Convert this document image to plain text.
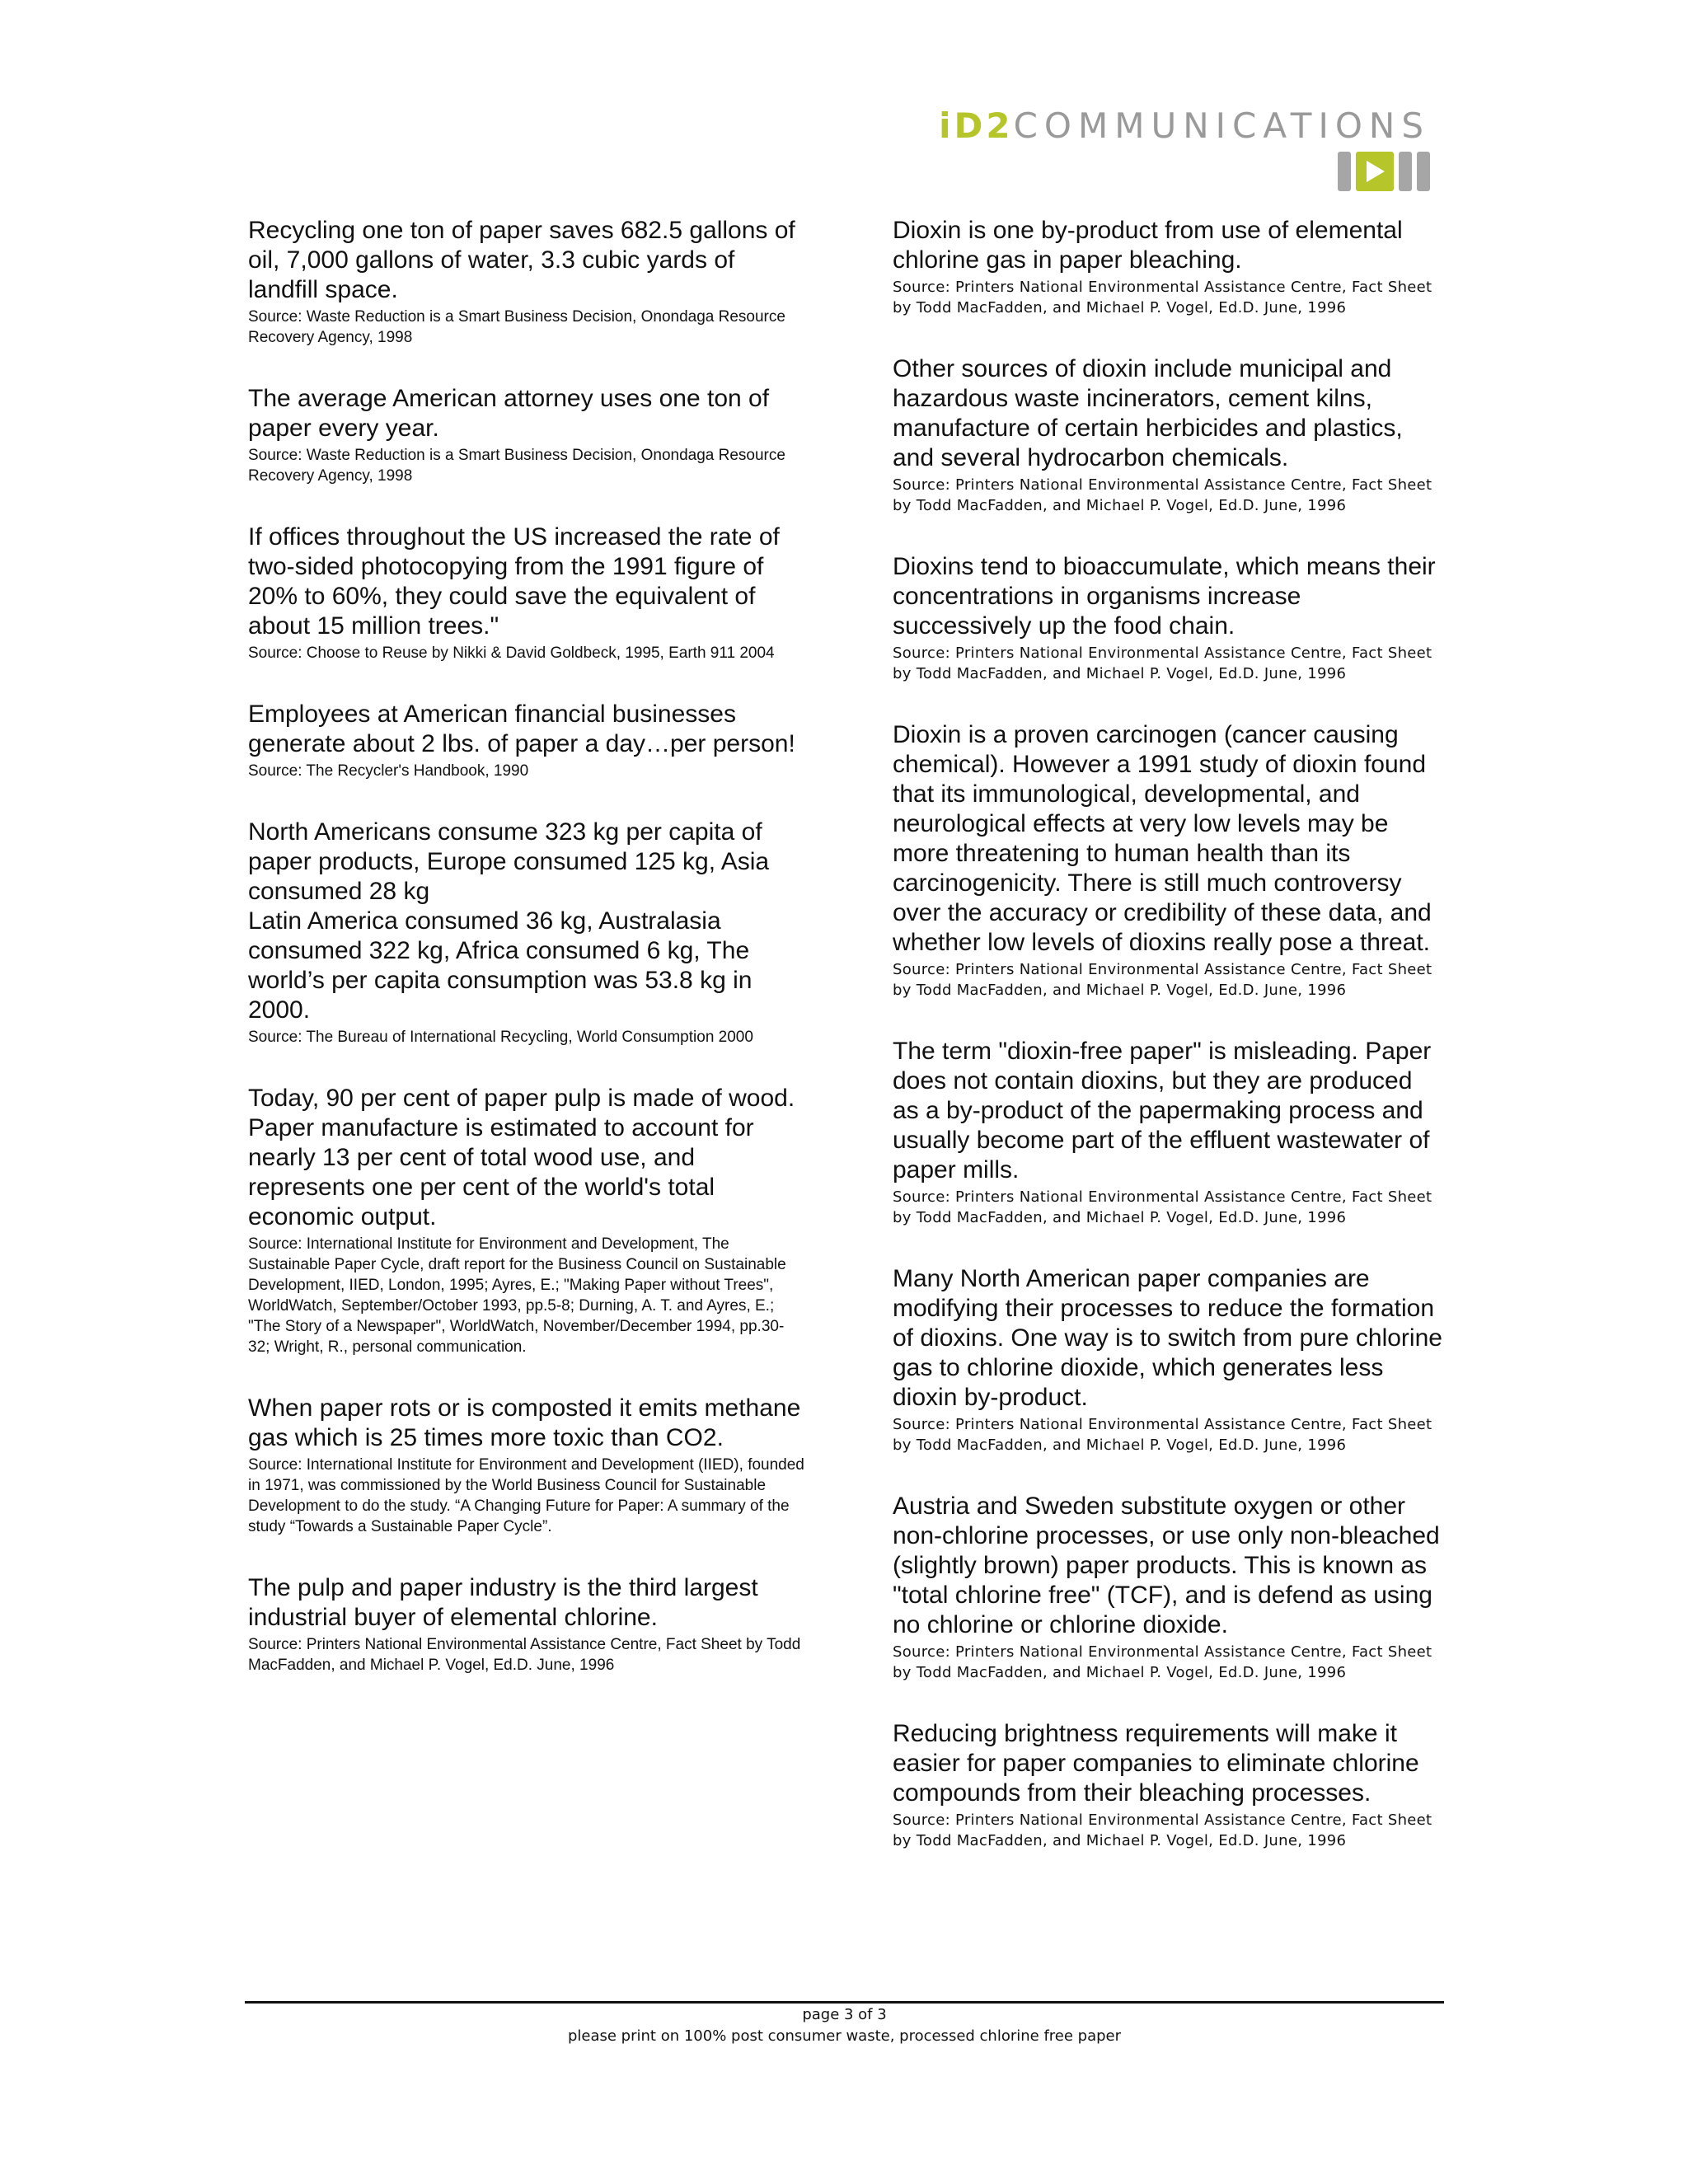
iD2COMMUNICATIONS

Recycling one ton of paper saves 682.5 gallons of oil, 7,000 gallons of water, 3.3 cubic yards of landfill space.

Source: Waste Reduction is a Smart Business Decision, Onondaga Resource Recovery Agency, 1998

The average American attorney uses one ton of paper every year.

Source: Waste Reduction is a Smart Business Decision, Onondaga Resource Recovery Agency, 1998

If offices throughout the US increased the rate of two-sided photocopying from the 1991 figure of 20% to 60%, they could save the equivalent of about 15 million trees."

Source: Choose to Reuse by Nikki & David Goldbeck, 1995, Earth 911 2004

Employees at American financial businesses generate about 2 lbs. of paper a day…per person!

Source: The Recycler's Handbook, 1990

North Americans consume 323 kg per capita of paper products, Europe consumed 125 kg, Asia consumed 28 kg
Latin America consumed 36 kg, Australasia consumed 322 kg, Africa consumed 6 kg, The world’s per capita consumption was 53.8 kg in 2000.

Source: The Bureau of International Recycling, World Consumption 2000

Today, 90 per cent of paper pulp is made of wood. Paper manufacture is estimated to account for nearly 13 per cent of total wood use, and represents one per cent of the world's total economic output.

Source: International Institute for Environment and Development, The Sustainable Paper Cycle, draft report for the Business Council on Sustainable Development, IIED, London, 1995; Ayres, E.; "Making Paper without Trees", WorldWatch, September/October 1993, pp.5-8; Durning, A. T. and Ayres, E.; "The Story of a Newspaper", WorldWatch, November/December 1994, pp.30-32; Wright, R., personal communication.

When paper rots or is composted it emits methane gas which is 25 times more toxic than CO2.

Source: International Institute for Environment and Development (IIED), founded in 1971, was commissioned by the World Business Council for Sustainable Development to do the study. “A Changing Future for Paper: A summary of the study “Towards a Sustainable Paper Cycle”.

The pulp and paper industry is the third largest industrial buyer of elemental chlorine.

Source: Printers National Environmental Assistance Centre, Fact Sheet by Todd MacFadden, and Michael P. Vogel, Ed.D. June, 1996

Dioxin is one by-product from use of elemental chlorine gas in paper bleaching.

Source: Printers National Environmental Assistance Centre, Fact Sheet by Todd MacFadden, and Michael P. Vogel, Ed.D. June, 1996

Other sources of dioxin include municipal and hazardous waste incinerators, cement kilns, manufacture of certain herbicides and plastics, and several hydrocarbon chemicals.

Source: Printers National Environmental Assistance Centre, Fact Sheet by Todd MacFadden, and Michael P. Vogel, Ed.D. June, 1996

Dioxins tend to bioaccumulate, which means their concentrations in organisms increase successively up the food chain.

Source: Printers National Environmental Assistance Centre, Fact Sheet by Todd MacFadden, and Michael P. Vogel, Ed.D. June, 1996

Dioxin is a proven carcinogen (cancer causing chemical). However a 1991 study of dioxin found that its immunological, developmental, and neurological effects at very low levels may be more threatening to human health than its carcinogenicity. There is still much controversy over the accuracy or credibility of these data, and whether low levels of dioxins really pose a threat.

Source: Printers National Environmental Assistance Centre, Fact Sheet by Todd MacFadden, and Michael P. Vogel, Ed.D. June, 1996

The term "dioxin-free paper" is misleading. Paper does not contain dioxins, but they are produced as a by-product of the papermaking process and usually become part of the effluent wastewater of paper mills.

Source: Printers National Environmental Assistance Centre, Fact Sheet by Todd MacFadden, and Michael P. Vogel, Ed.D. June, 1996

Many North American paper companies are modifying their processes to reduce the formation of dioxins. One way is to switch from pure chlorine gas to chlorine dioxide, which generates less dioxin by-product.

Source: Printers National Environmental Assistance Centre, Fact Sheet by Todd MacFadden, and Michael P. Vogel, Ed.D. June, 1996

Austria and Sweden substitute oxygen or other non-chlorine processes, or use only non-bleached (slightly brown) paper products. This is known as "total chlorine free" (TCF), and is defend as using no chlorine or chlorine dioxide.

Source: Printers National Environmental Assistance Centre, Fact Sheet by Todd MacFadden, and Michael P. Vogel, Ed.D. June, 1996

Reducing brightness requirements will make it easier for paper companies to eliminate chlorine compounds from their bleaching processes.

Source: Printers National Environmental Assistance Centre, Fact Sheet by Todd MacFadden, and Michael P. Vogel, Ed.D. June, 1996

page 3 of 3
please print on 100% post consumer waste, processed chlorine free paper
